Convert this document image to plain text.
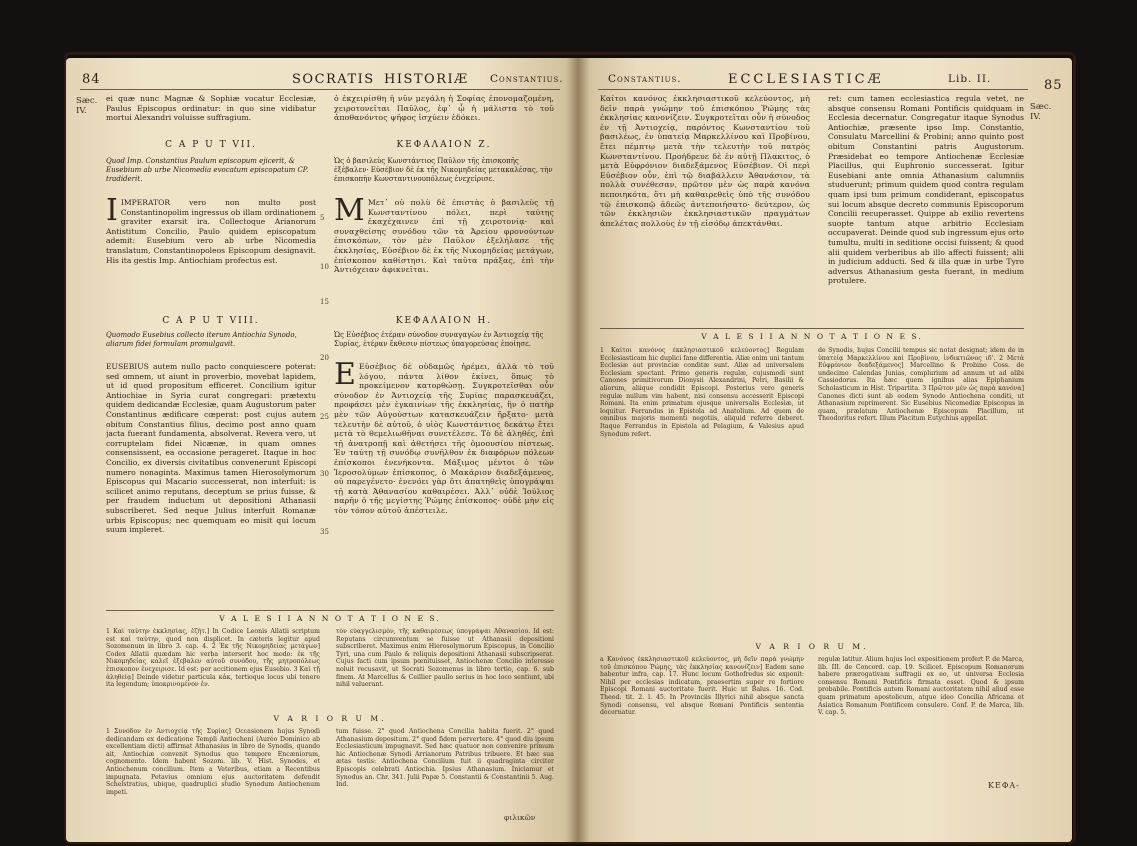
84	SOCRATIS HISTORIÆ Constantius.
Sæc. IV.
ei quæ nunc Magnæ & Sophiæ vocatur Ecclesiæ, Paulus Episcopus ordinatur: in quo sine vidibatur mortui Alexandri voluisse suffragium.
ὁ ἐκχειρίσθη ἡ νῦν μεγάλη ἡ Σοφίας ἐπονομαζομένη, χειροτονεῖται Παῦλος, ἐφ᾽ ᾧ ἡ μάλιστα τὸ τοῦ ἀποθανόντος ψῆφος ἰσχύειν ἐδόκει.
C A P U T VII.	ΚΕΦΑΛΑΙΟΝ Ζ.
Quod Imp. Constantius Paulum episcopum ejicerit, & Eusebium ab urbe Nicomedia evocatum episcopatum CP. tradiderit.
Ὡς ὁ βασιλεὺς Κωνστάντιος Παῦλον τῆς ἐπισκοπῆς ἐξέβαλεν· Εὐσέβιον δὲ ἐκ τῆς Νικομηδείας μετακαλέσας, τὴν ἐπισκοπὴν Κωνσταντινουπόλεως ἐνεχείρισε.
IIMPERATOR vero non multo post Constantinopolim ingressus ob illam ordinationem graviter exarsit ira. Collectoque Arianorum Antistitum Concilio, Paulo quidem episcopatum ademit: Eusebium vero ab urbe Nicomedia translatum, Constantinopoleos Episcopum designavit. His ita gestis Imp. Antiochiam profectus est.
M Μετ᾽ οὐ πολὺ δὲ ἐπιστὰς ὁ βασιλεὺς τῇ Κωνσταντίνου πόλει, περὶ ταύτης ἐκαχέχαινεν ἐπὶ τῇ χειροτονίᾳ· καὶ συναχθείσης συνόδου τῶν τὰ Ἀρείου φρονούντων ἐπισκόπων, τὸν μὲν Παῦλον ἐξελήλασε τῆς ἐκκλησίας, Εὐσέβιον δὲ ἐκ τῆς Νικομηδείας μετάγων, ἐπίσκοπον καθίστησι. Καὶ ταῦτα πράξας, ἐπὶ τὴν Ἀντιόχειαν ἀφικνεῖται.
C A P U T VIII.	ΚΕΦΑΛΑΙΟΝ Η.
Quomodo Eusebius collecto iterum Antiochia Synodo, aliarum fidei formulam promulgavit.
Ὡς Εὐσέβιος ἑτέραν σύνοδον συναγαγὼν ἐν Ἀντιοχείᾳ τῆς Συρίας, ἑτέραν ἔκθεσιν πίστεως ὑπαγορεύσας ἐποίησε.
EUSEBIUS autem nullo pacto conquiescere poterat: sed omnem, ut aiunt in proverbio, movebat lapidem, ut id quod propositum efficeret. Concilium igitur Antiochiae in Syria curat congregari: prætextu quidem dedicandæ Ecclesiæ, quam Augustorum pater Constantinus ædificare cœperat: post cujus autem obitum Constantius filius, decimo post anno quam jacta fuerant fundamenta, absolverat. Revera vero, ut corruptelam fidei Nicænæ, in quam omnes consensissent, ea occasione perageret. Itaque in hoc Concilio, ex diversis civitatibus convenerunt Episcopi numero nonaginta. Maximus tamen Hierosolymorum Episcopus qui Macario successerat, non interfuit: is scilicet animo reputans, deceptum se prius fuisse, & per fraudem inductum ut depositioni Athanasii subscriberet. Sed neque Julius interfuit Romanæ urbis Episcopus; nec quemquam eo misit qui locum suum impleret.
E Εὐσέβιος δὲ οὐδαμῶς ἠρέμει, ἀλλὰ τὸ τοῦ λόγου, πάντα λίθον ἐκίνει, ὅπως τὸ προκείμενον κατορθώσῃ. Συγκροτεῖσθαι οὖν σύνοδον ἐν Ἀντιοχείᾳ τῆς Συρίας παρασκευάζει, προφάσει μὲν ἐγκαινίων τῆς ἐκκλησίας, ἣν ὁ πατὴρ μὲν τῶν Αὐγούστων κατασκευάζειν ἤρξατο· μετὰ τελευτὴν δὲ αὐτοῦ, ὁ υἱὸς Κωνστάντιος δεκάτῳ ἔτει μετὰ τὸ θεμελιωθῆναι συνετέλεσε. Τὸ δὲ ἀληθές, ἐπὶ τῇ ἀνατροπῇ καὶ ἀθετήσει τῆς ὁμοουσίου πίστεως. Ἐν ταύτῃ τῇ συνόδῳ συνῆλθον ἐκ διαφόρων πόλεων ἐπίσκοποι ἐνενήκοντα. Μάξιμος μέντοι ὁ τῶν Ἱεροσολύμων ἐπίσκοπος, ὁ Μακάριον διαδεξάμενος, οὐ παρεγένετο· ἐνενόει γὰρ ὅτι ἀπατηθεὶς ὑπογράψαι τῇ κατὰ Ἀθανασίου καθαιρέσει. Ἀλλ᾽ οὐδὲ Ἰούλιος παρῆν ὁ τῆς μεγίστης Ῥώμης ἐπίσκοπος· οὐδὲ μὴν εἰς τὸν τόπον αὐτοῦ ἀπέστειλε.
5
10
15
20
25
30
35
V A L E S I I A N N O T A T I O N E S.
1 Καὶ ταύτην ἐκκλησίας, ἐζήτ.] In Codice Leonis Allatii scriptum est καὶ ταύτην, quod non displicet. In cæteris legitur apud Sozomenum in libro 3. cap. 4. 2 Ἐκ τῆς Νικομηδείας μετάγων] Codex Allatii quædam hic verba interserit hoc modo: ἐκ τῆς Νικομηδείας καλεῖ ἐξεβαλεν αὐτοῦ συνόδου, τῆς μητροπόλεως ἐπισκοπον ἐνεχειρισε. Id est: per accitionem ejus Eusebio. 3 Καὶ τῇ ἀληθείᾳ] Deinde videtur particula κἀκ, tertioque locus ubi tenere ita legendum; ὑποκρινομένον ἐν.
τὸν εὐαγγελισμὸν, τῆς καθαιρέσεως ὑπογράψαι Ἀθανασίου. Id est: Reputans circumventum se fuisse ut Athanasii depositioni subscriberet. Maximus enim Hierosolymorum Episcopus, in Concilio Tyri, una cum Paulo & reliquis depositioni Athanasii subscripserat. Cujus facti cum ipsum pœnituisset, Antiochenæ Concilio interesse noluit recusavit, ut Socrati Sozomenus in libro tertio, cap. 6. sub finem. At Marcellus & Ceillier paullo serius in hoc loco sentiunt, ubi nihil valuerant.
V A R I O R U M.
1 Συνόδον ἐν Ἀντιοχείᾳ τῆς Συρίας] Occasionem hujus Synodi dedicandam ex dedicatione Templi Antiocheni (Auréo Dominico ab excellentiam dicti) affirmat Athanasius in libro de Synodis, quando ait, Antiochiæ convenit Synodus quo tempore Encæniorum, cognomento. Idem habent Sozom. lib. V. Hist. Synodes, et Antiochenum concilium. Item a Veteribus, etiam a Recentibus impugnata. Petavius omnium ejus auctoritatem defendit Schelstratius, ubique, quadruplici studio Synodum Antiochenum impeti.
tum fuisse. 2° quod Antiochena Concilia habita fuerit. 2° quod Athanasium depositum. 2° quod fidem pervertere. 4° quod diu ipsum Ecclesiasticum impugnavit. Sed hæc quatuor non convenire primum hic Antiochenæ Synodi Arrianorum Patribus tribuere. Et hæc sua ætas testis: Antiochena Concilium fuit ii quadraginta circiter Episcopis celebrati Antiochia. Ipsius Athanasium. Iniciamur et Synodus an. Chr. 341. Julii Papæ 5. Constantii & Constantinii 5. Aug. Ind.
φιλικῶν
Constantius.	ECCLESIASTICÆ	Lib. II.	85
Καίτοι κανόνος ἐκκλησιαστικοῦ κελεύοντος, μὴ δεῖν παρὰ γνώμην τοῦ ἐπισκόπου Ῥώμης τὰς ἐκκλησίας κανονίζειν. Συγκροτεῖται οὖν ἡ σύνοδος ἐν τῇ Ἀντιοχείᾳ, παρόντος Κωνσταντίου τοῦ βασιλέως, ἐν ὑπατείᾳ Μαρκελλίνου καὶ Προβίνου, ἔτει πέμπτῳ μετὰ τὴν τελευτὴν τοῦ πατρὸς Κωνσταντίνου. Προήδρευε δὲ ἐν αὐτῇ Πλακιτος, ὁ μετὰ Εὐφρόνιον διαδεξάμενος Εὐσέβιον. Οἱ περὶ Εὐσέβιον οὖν, ἐπὶ τῷ διαβάλλειν Ἀθανάσιον, τὰ πολλὰ συνέθεσαν, πρῶτον μὲν ὡς παρὰ κανόνα πεποιηκότα, ὅτι μὴ καθαιρεθεὶς ὑπὸ τῆς συνόδου τῷ ἐπισκοπῷ ἀδεῶς ἀντεποιήσατο· δεύτερον, ὡς τῶν ἐκκλησιῶν ἐκκλησιαστικῶν πραγμάτων ἀπελέτας πολλοὺς ἐν τῇ εἰσόδῳ ἀπεκτάνθαι.
ret: cum tamen ecclesiastica regula vetet, ne absque consensu Romani Pontificis quidquam in Ecclesia decernatur. Congregatur itaque Synodus Antiochiæ, præsente ipso Imp. Constantio, Consulatu Marcellini & Probini; anno quinto post obitum Constantini patris Augustorum. Præsidebat eo tempore Antiochenæ Ecclesiæ Placillus, qui Euphronio successerat. Igitur Eusebiani ante omnia Athanasium calumniis studuerunt; primum quidem quod contra regulam quam ipsi tum primum condiderant, episcopatus sui locum absque decreto communis Episcoporum Concilii recuperasset. Quippe ab exilio revertens suopte tantum atque arbitrio Ecclesiam occupaverat. Deinde quod sub ingressum ejus orto tumultu, multi in seditione occisi fuissent; & quod alii quidem verberibus ab illo affecti fuissent; alii in judicium adducti. Sed & illa quæ in urbe Tyro adversus Athanasium gesta fuerant, in medium protulere.
Sæc. IV.
V A L E S I I A N N O T A T I O N E S.
1 Καίτοι κανόνος ἐκκλησιαστικοῦ κελεύοντος] Regulam Ecclesiasticam hic duplici fane differentia. Aliæ enim uni tantum Ecclesiæ aut provinciæ conditæ sunt. Aliæ ad universalem Ecclesiam spectant. Primo generis regulæ, cujusmodi sunt Canones primitivorum Dionysii Alexandrini, Petri, Basilii & aliorum, aliique condidit Episcopi. Posterius vero generis regulæ nullum vim habent, nisi consensu accesserit Episcopi Romani. Ita enim primatum ejusque universalis Ecclesiæ, ut loquitur. Ferrandus in Epistola ad Anatolium. Ad quem de omnibus majoris momenti negotiis, aliquid referre deberet. Itaque Ferrandus in Epistola ad Pelagium, & Valesius apud Synodum refert.
de Synodis, hujus Concilii tempus sic notat designat; idem de in ὑπατείᾳ Μαρκελλίνου καὶ Προβίνου, ἰνδικτιῶνος ιδ'. 2 Μετὰ Εὐφρόνιον διαδεξάμενος] Marcellino & Probino Coss. de undecimo Calendas Junias, complurium ad annum ut ad alibi Cassiodorus. Ita hæc quem ignibus alias Epiphanium Scholasticum in Hist. Tripartita. 3 Πρῶτον μὲν ὡς παρὰ κανόνα] Canones dicti sunt ab eodem Synodo Antiochena conditi, ut Athanasium reprimerent. Sic Eusebius Nicomediæ Episcopus in quam, prælatum Antiochenæ Episcopum Placillum, ut Theodoritus refert. Illum Placitum Eutychius appellat.
V A R I O R U M.
a Κανόνος ἐκκλησιαστικοῦ κελεύοντος, μὴ δεῖν παρὰ γνώμην τοῦ ἐπισκόπου Ῥώμης, τὰς ἐκκλησίας κανονίζειν] Eadem sane habentur infra, cap. 17. Hunc locum Gothofredus sic exponit: Nihil per ecclesias indicatum, praesertim super re fortiore Episcopi Romani auctoritate fuerit. Huic ut Balus. 16. Cod. Theod. tit. 2. l. 45. In Provinciis Illyrici nihil absque sancta Synodi consensu, vel absque Romani Pontificis sententia decernatur.
regulæ latitur. Alium hujus loci expositionem profert P. de Marca, lib. III. de Concord. cap. 19. Scilicet. Episcopum Romanorum habere prærogativam suffragii ex eo, ut universa Ecclesia consensu Romani Pontificis firmata esset. Quod & ipsum probabile. Pontificis autem Romani auctoritatem nihil aliud esse quam primatum apostolicum, atque ideo Concilia Africana et Asiatica Romanum Pontificem consulere. Conf. P. de Marca, lib. V. cap. 5.
ΚΕΦΑ-
